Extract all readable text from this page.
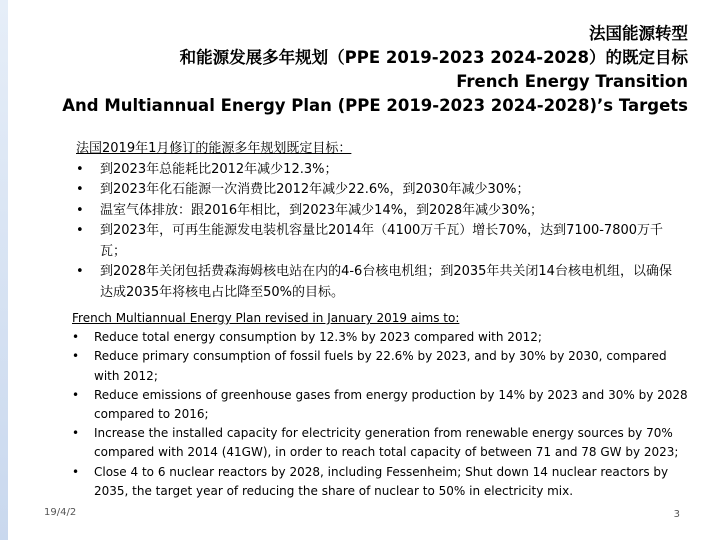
法国能源转型
和能源发展多年规划（PPE 2019-2023 2024-2028）的既定目标
French Energy Transition
And Multiannual Energy Plan (PPE 2019-2023 2024-2028)’s Targets
法国2019年1月修订的能源多年规划既定目标：
• 到2023年总能耗比2012年减少12.3%；
• 到2023年化石能源一次消费比2012年减少22.6%，到2030年减少30%；
• 温室气体排放：跟2016年相比，到2023年减少14%，到2028年减少30%；
• 到2023年，可再生能源发电装机容量比2014年（4100万千瓦）增长70%，达到7100-7800万千瓦；
• 到2028年关闭包括费森海姆核电站在内的4-6台核电机组；到2035年共关闭14台核电机组，以确保达成2035年将核电占比降至50%的目标。
French Multiannual Energy Plan revised in January 2019 aims to:
• Reduce total energy consumption by 12.3% by 2023 compared with 2012;
• Reduce primary consumption of fossil fuels by 22.6% by 2023, and by 30% by 2030, compared with 2012;
• Reduce emissions of greenhouse gases from energy production by 14% by 2023 and 30% by 2028 compared to 2016;
• Increase the installed capacity for electricity generation from renewable energy sources by 70% compared with 2014 (41GW), in order to reach total capacity of between 71 and 78 GW by 2023;
• Close 4 to 6 nuclear reactors by 2028, including Fessenheim; Shut down 14 nuclear reactors by 2035, the target year of reducing the share of nuclear to 50% in electricity mix.
19/4/2	3
